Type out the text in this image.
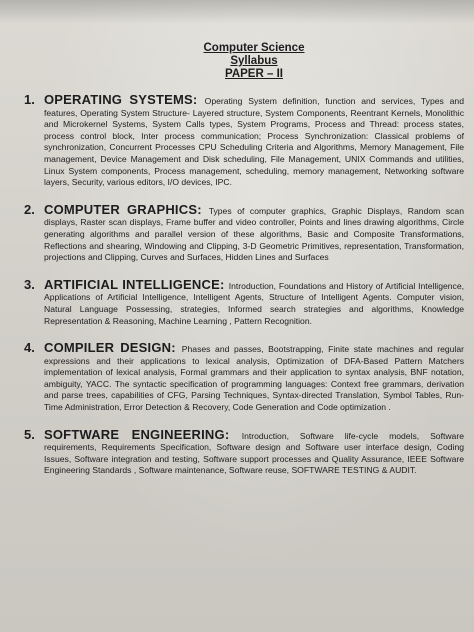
Computer Science
Syllabus
PAPER – II
1. OPERATING SYSTEMS: Operating System definition, function and services, Types and features, Operating System Structure- Layered structure, System Components, Reentrant Kernels, Monolithic and Microkernel Systems, System Calls types, System Programs, Process and Thread: process states, process control block, Inter process communication; Process Synchronization: Classical problems of synchronization, Concurrent Processes CPU Scheduling Criteria and Algorithms, Memory Management, File management, Device Management and Disk scheduling, File Management, UNIX Commands and utilities, Linux System components, Process management, scheduling, memory management, Networking software layers, Security, various editors, I/O devices, IPC.
2. COMPUTER GRAPHICS: Types of computer graphics, Graphic Displays, Random scan displays, Raster scan displays, Frame buffer and video controller, Points and lines drawing algorithms, Circle generating algorithms and parallel version of these algorithms, Basic and Composite Transformations, Reflections and shearing, Windowing and Clipping, 3-D Geometric Primitives, representation, Transformation, projections and Clipping, Curves and Surfaces, Hidden Lines and Surfaces
3. ARTIFICIAL INTELLIGENCE: Introduction, Foundations and History of Artificial Intelligence, Applications of Artificial Intelligence, Intelligent Agents, Structure of Intelligent Agents. Computer vision, Natural Language Possessing, strategies, Informed search strategies and algorithms, Knowledge Representation & Reasoning, Machine Learning , Pattern Recognition.
4. COMPILER DESIGN: Phases and passes, Bootstrapping, Finite state machines and regular expressions and their applications to lexical analysis, Optimization of DFA-Based Pattern Matchers implementation of lexical analysis, Formal grammars and their application to syntax analysis, BNF notation, ambiguity, YACC. The syntactic specification of programming languages: Context free grammars, derivation and parse trees, capabilities of CFG, Parsing Techniques, Syntax-directed Translation, Symbol Tables, Run-Time Administration, Error Detection & Recovery, Code Generation and Code optimization .
5. SOFTWARE ENGINEERING: Introduction, Software life-cycle models, Software requirements, Requirements Specification, Software design and Software user interface design, Coding Issues, Software integration and testing, Software support processes and Quality Assurance, IEEE Software Engineering Standards , Software maintenance, Software reuse, SOFTWARE TESTING & AUDIT.
